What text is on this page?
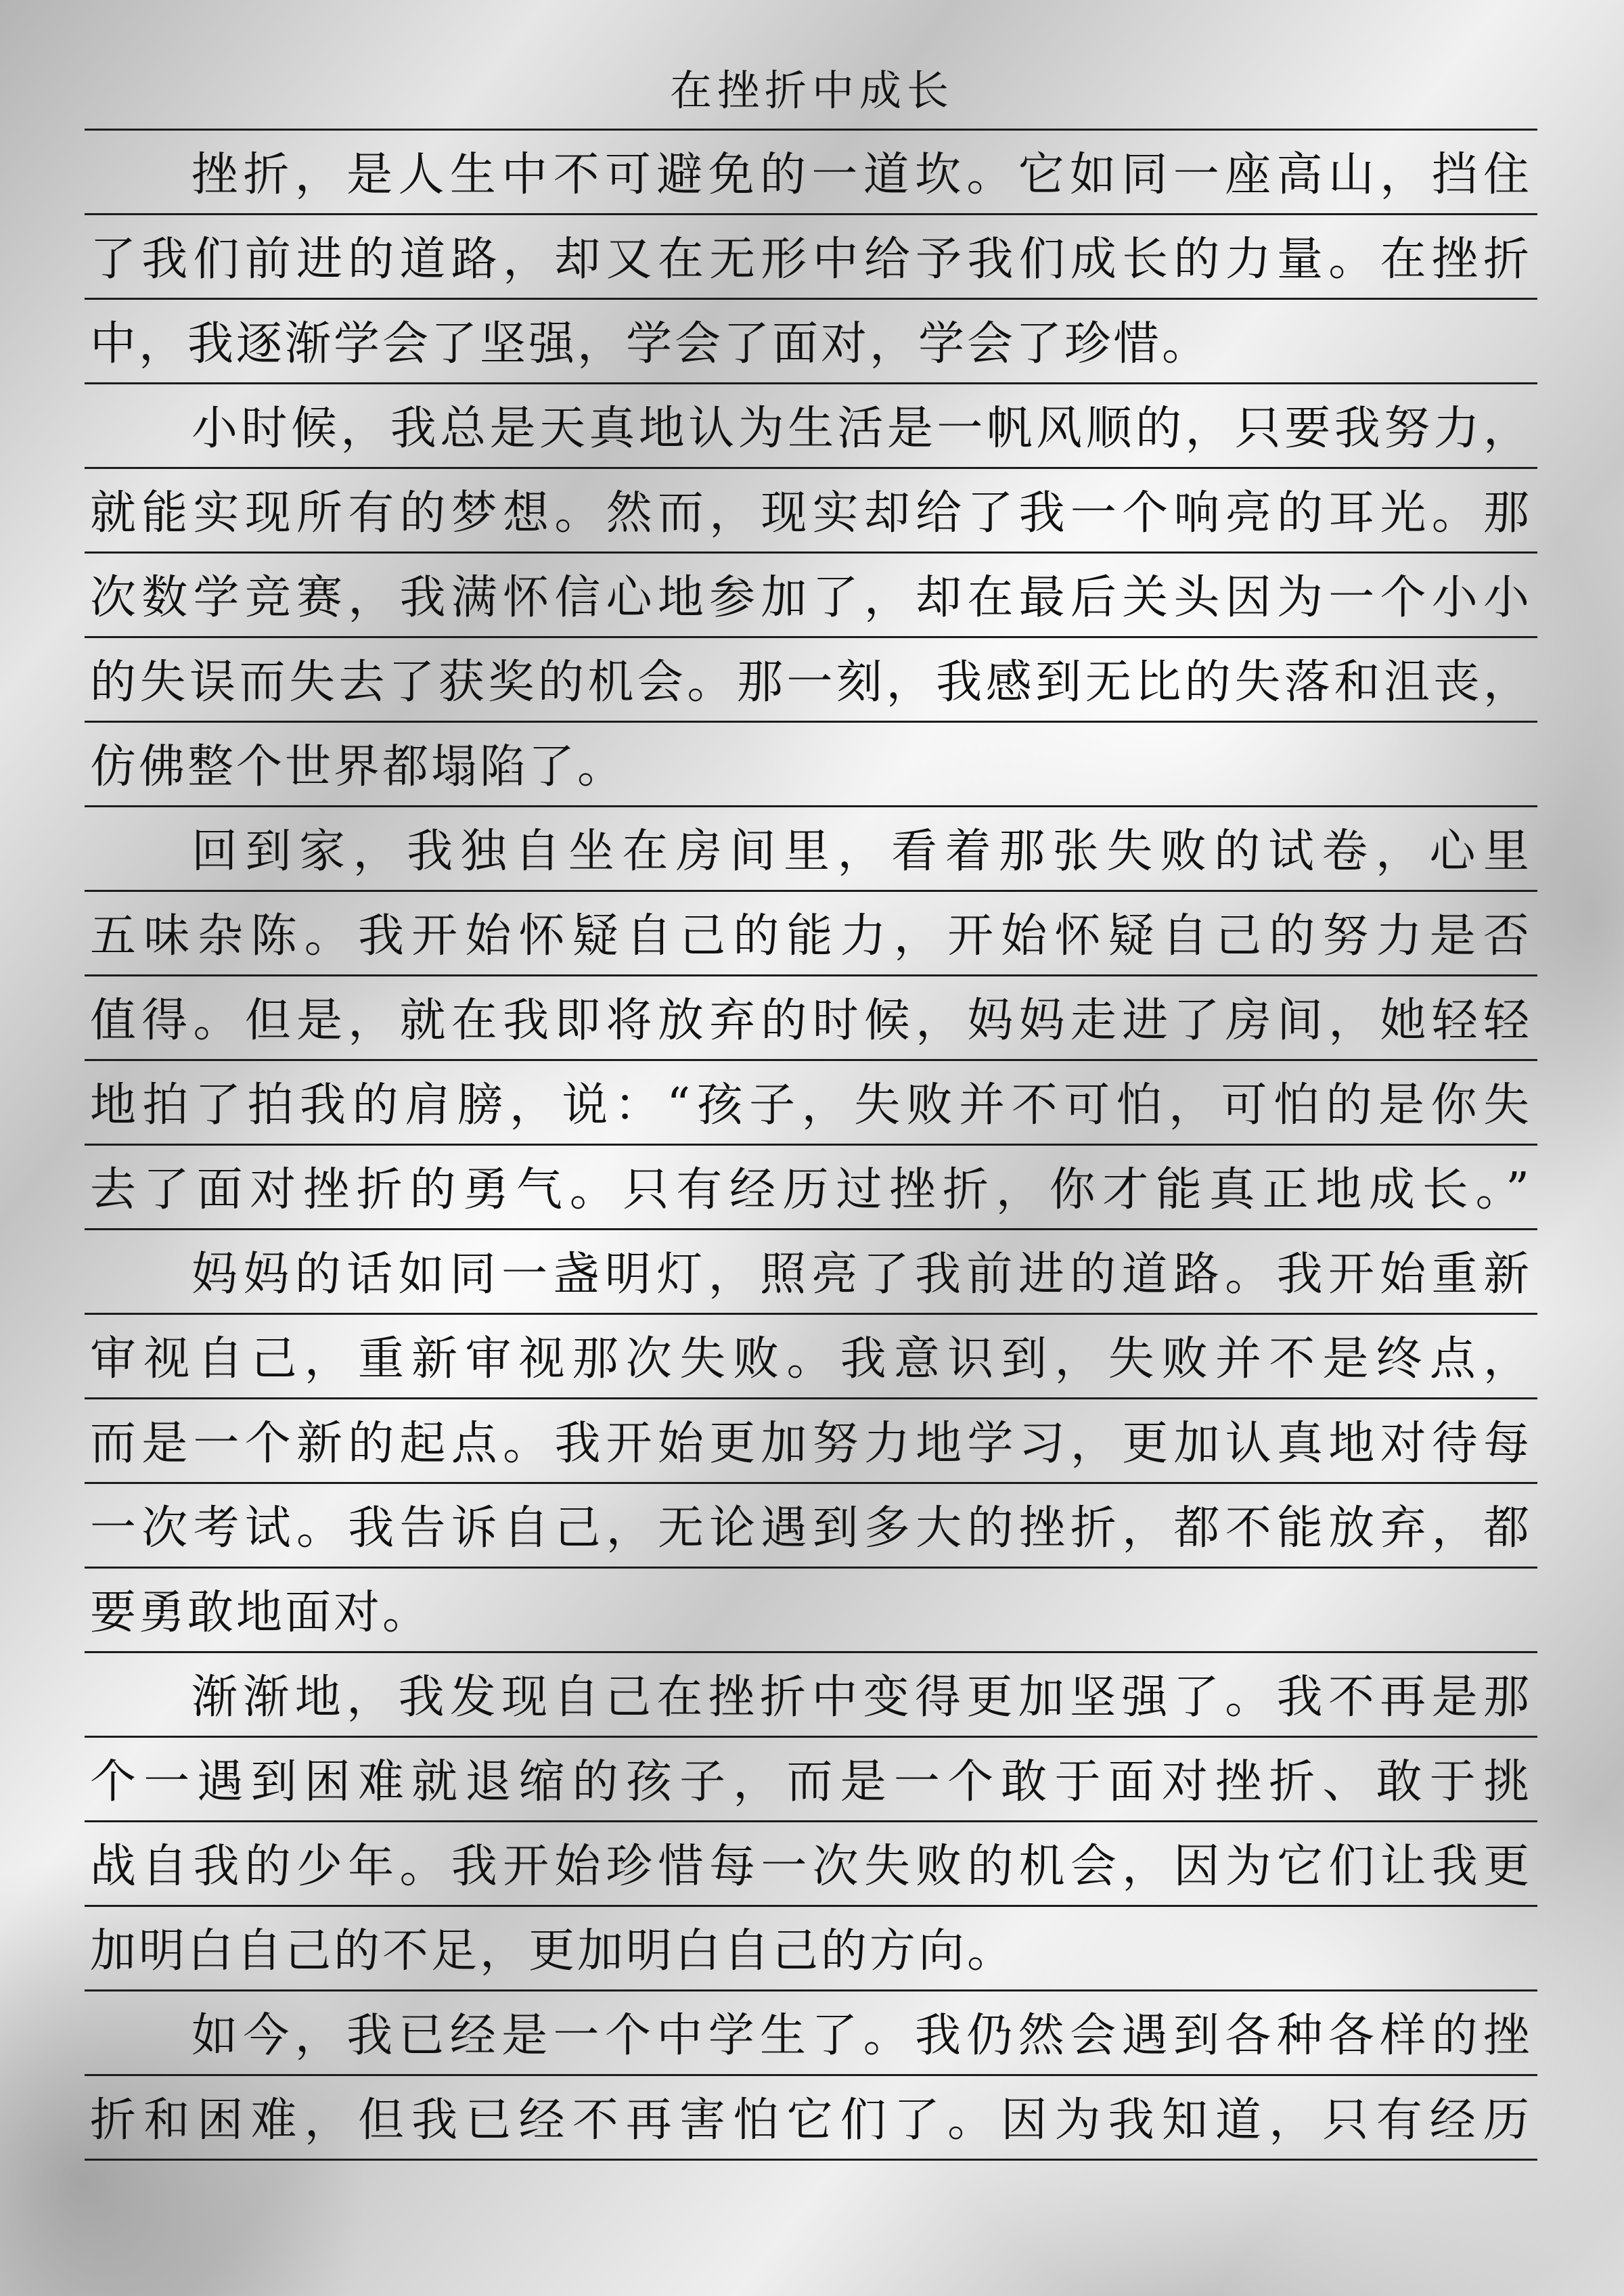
在挫折中成长
挫折，是人生中不可避免的一道坎。它如同一座高山，挡住
了我们前进的道路，却又在无形中给予我们成长的力量。在挫折
中，我逐渐学会了坚强，学会了面对，学会了珍惜。
小时候，我总是天真地认为生活是一帆风顺的，只要我努力，
就能实现所有的梦想。然而，现实却给了我一个响亮的耳光。那
次数学竞赛，我满怀信心地参加了，却在最后关头因为一个小小
的失误而失去了获奖的机会。那一刻，我感到无比的失落和沮丧，
仿佛整个世界都塌陷了。
回到家，我独自坐在房间里，看着那张失败的试卷，心里
五味杂陈。我开始怀疑自己的能力，开始怀疑自己的努力是否
值得。但是，就在我即将放弃的时候，妈妈走进了房间，她轻轻
地拍了拍我的肩膀，说：“孩子，失败并不可怕，可怕的是你失
去了面对挫折的勇气。只有经历过挫折，你才能真正地成长。”
妈妈的话如同一盏明灯，照亮了我前进的道路。我开始重新
审视自己，重新审视那次失败。我意识到，失败并不是终点，
而是一个新的起点。我开始更加努力地学习，更加认真地对待每
一次考试。我告诉自己，无论遇到多大的挫折，都不能放弃，都
要勇敢地面对。
渐渐地，我发现自己在挫折中变得更加坚强了。我不再是那
个一遇到困难就退缩的孩子，而是一个敢于面对挫折、敢于挑
战自我的少年。我开始珍惜每一次失败的机会，因为它们让我更
加明白自己的不足，更加明白自己的方向。
如今，我已经是一个中学生了。我仍然会遇到各种各样的挫
折和困难，但我已经不再害怕它们了。因为我知道，只有经历
